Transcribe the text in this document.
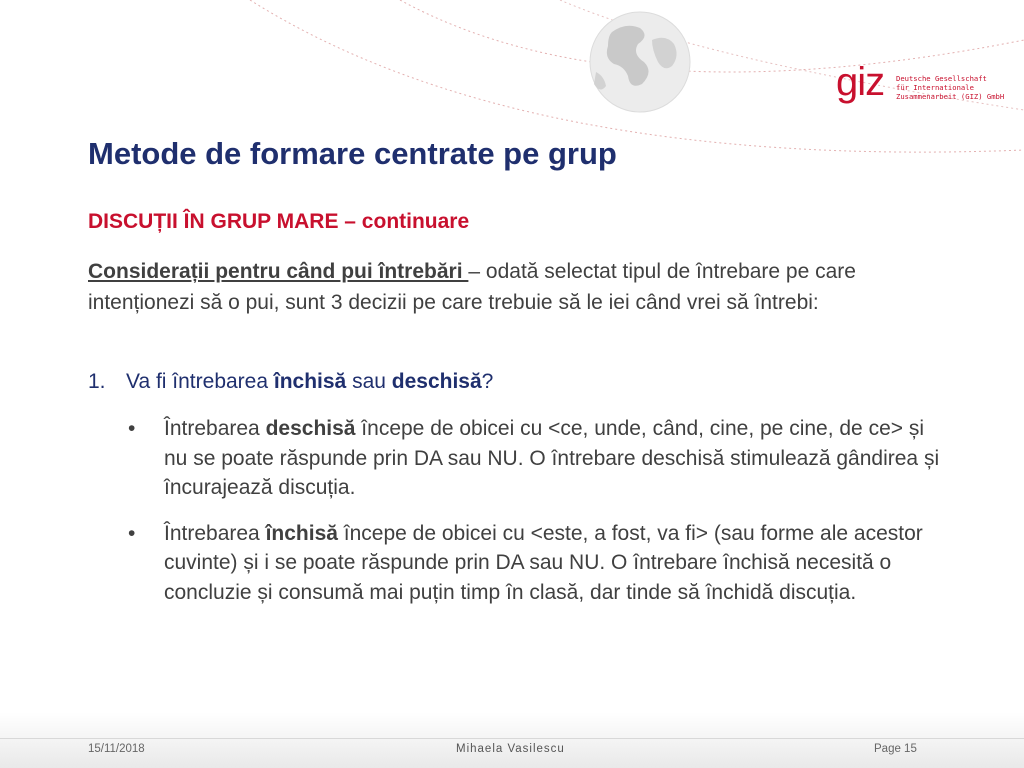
giz Deutsche Gesellschaft
für Internationale
Zusammenarbeit (GIZ) GmbH
Metode de formare centrate pe grup
DISCUȚII ÎN GRUP MARE – continuare

Considerații pentru când pui întrebări – odată selectat tipul de întrebare pe care intenționezi să o pui, sunt 3 decizii pe care trebuie să le iei când vrei să întrebi:

1. Va fi întrebarea închisă sau deschisă?
• Întrebarea deschisă începe de obicei cu <ce, unde, când, cine, pe cine, de ce> și nu se poate răspunde prin DA sau NU. O întrebare deschisă stimulează gândirea și încurajează discuția.
• Întrebarea închisă începe de obicei cu <este, a fost, va fi> (sau forme ale acestor cuvinte) și i se poate răspunde prin DA sau NU. O întrebare închisă necesită o concluzie și consumă mai puțin timp în clasă, dar tinde să închidă discuția.
15/11/2018	Mihaela Vasilescu	Page 15
